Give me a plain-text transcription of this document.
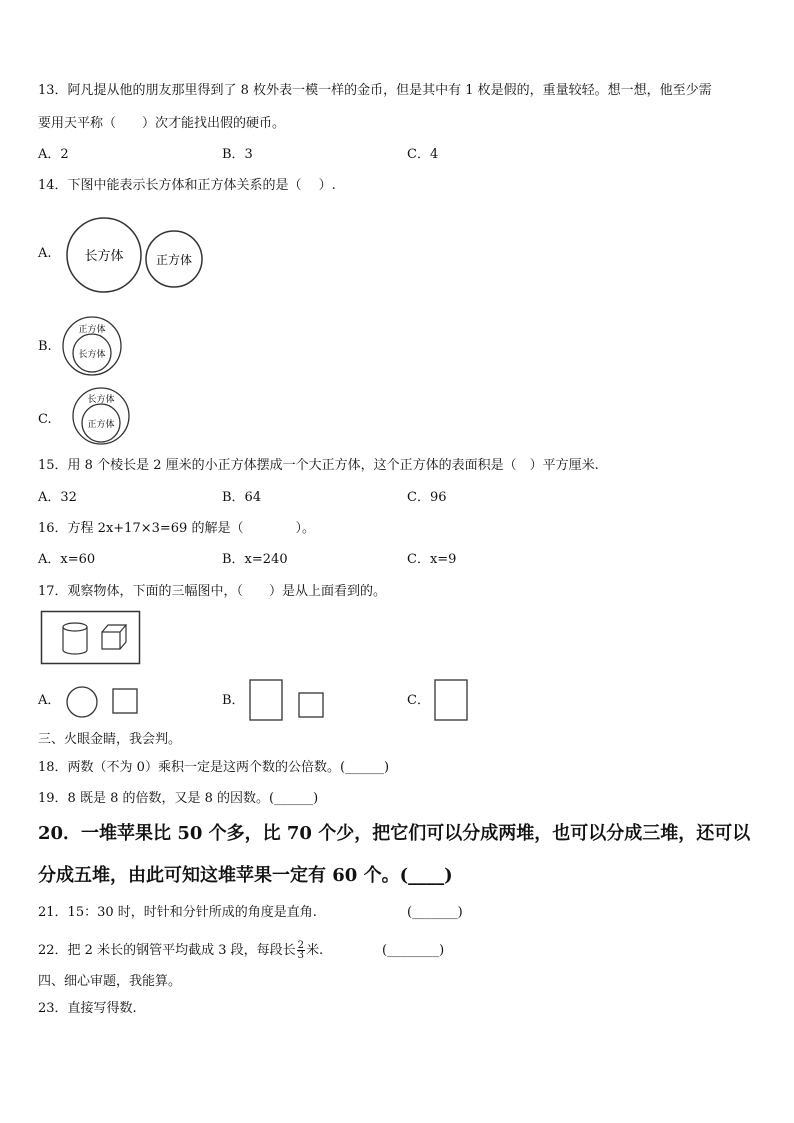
13．阿凡提从他的朋友那里得到了 8 枚外表一模一样的金币，但是其中有 1 枚是假的，重量较轻。想一想，他至少需
要用天平称（　　）次才能找出假的硬币。
A．2	B．3	C．4
14．下图中能表示长方体和正方体关系的是（　 ）.
A.	长方体	正方体
B.
正方体
长方体
C.
长方体
正方体
15．用 8 个棱长是 2 厘米的小正方体摆成一个大正方体，这个正方体的表面积是（　）平方厘米.
A．32	B．64	C．96
16．方程 2x+17×3=69 的解是（　　　　）。
A．x=60	B．x=240	C．x=9
17．观察物体，下面的三幅图中，（　　）是从上面看到的。
A．	B．	C．
三、火眼金睛，我会判。
18．两数（不为 0）乘积一定是这两个数的公倍数。(______)
19．8 既是 8 的倍数，又是 8 的因数。(______)
20．一堆苹果比 50 个多，比 70 个少，把它们可以分成两堆，也可以分成三堆，还可以
分成五堆，由此可知这堆苹果一定有 60 个。(____)
21．15：30 时，时针和分针所成的角度是直角.	(_______)
22．把 2 米长的钢管平均截成 3 段，每段长 $\frac{2}{3}$ 米.	(________)
四、细心审题，我能算。
23．直接写得数.
